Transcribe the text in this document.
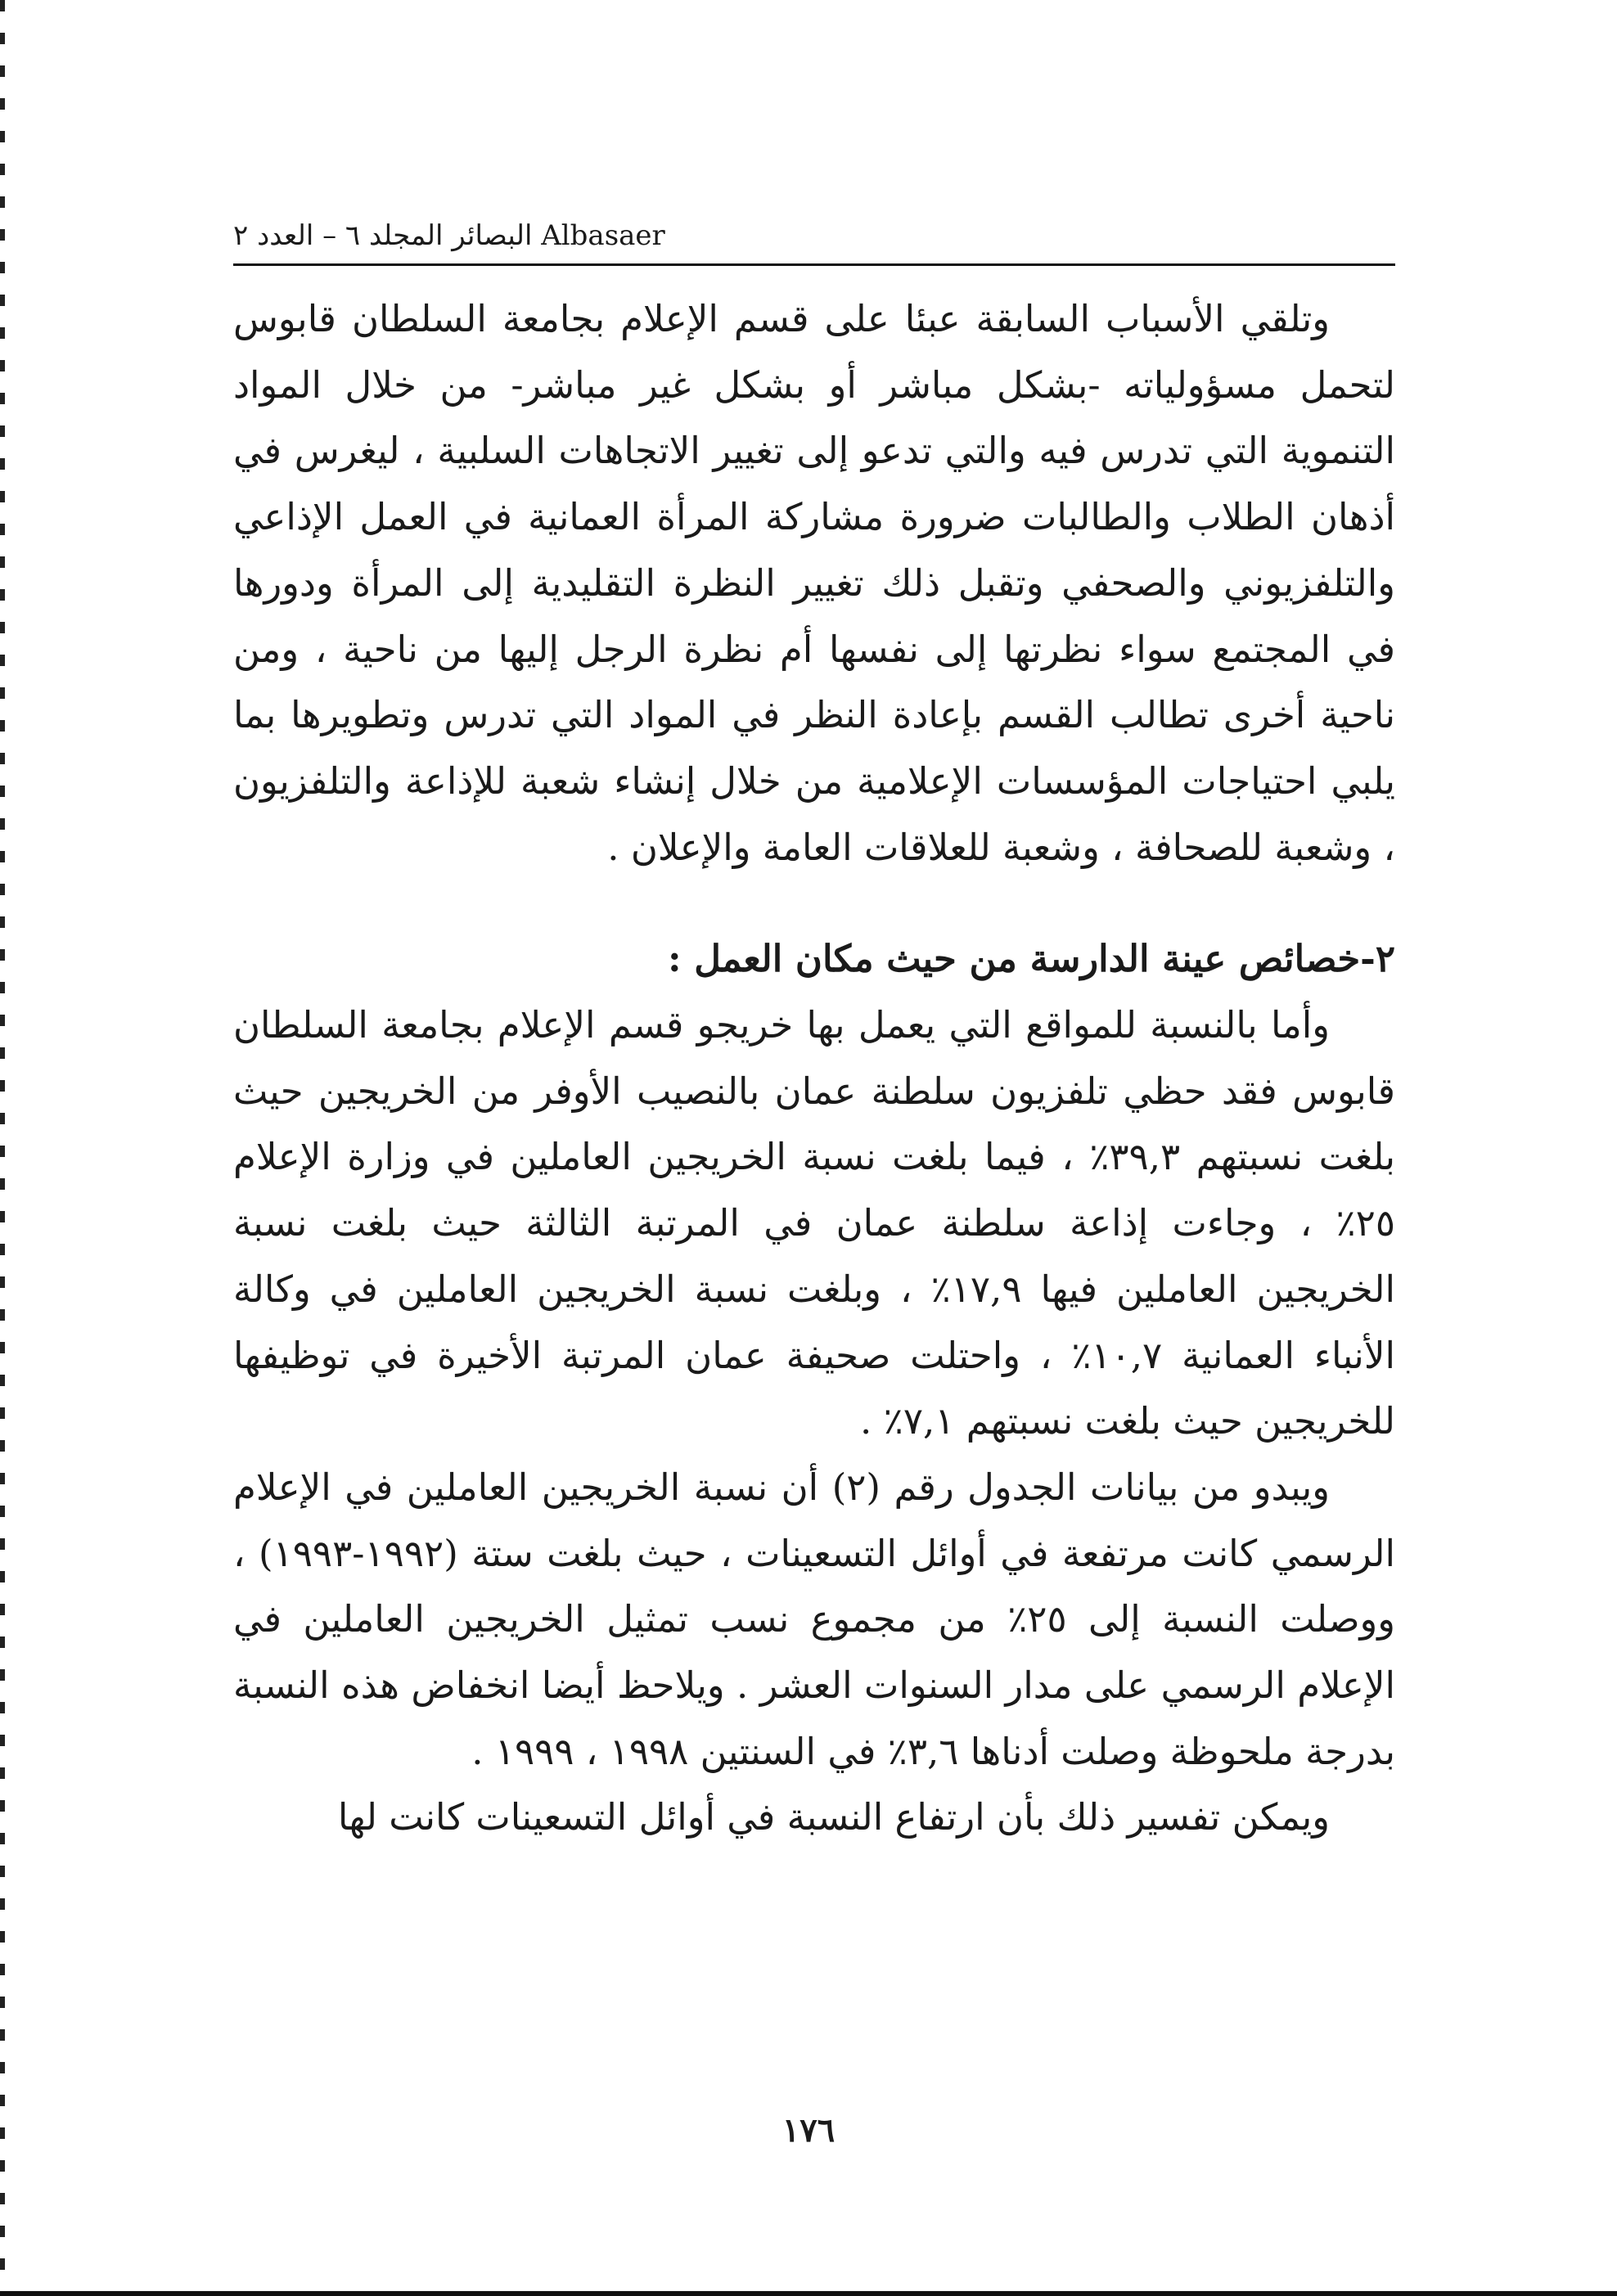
Albasaer البصائر المجلد ٦ – العدد ٢

وتلقي الأسباب السابقة عبئا على قسم الإعلام بجامعة السلطان قابوس لتحمل مسؤولياته -بشكل مباشر أو بشكل غير مباشر- من خلال المواد التنموية التي تدرس فيه والتي تدعو إلى تغيير الاتجاهات السلبية ، ليغرس في أذهان الطلاب والطالبات ضرورة مشاركة المرأة العمانية في العمل الإذاعي والتلفزيوني والصحفي وتقبل ذلك تغيير النظرة التقليدية إلى المرأة ودورها في المجتمع سواء نظرتها إلى نفسها أم نظرة الرجل إليها من ناحية ، ومن ناحية أخرى تطالب القسم بإعادة النظر في المواد التي تدرس وتطويرها بما يلبي احتياجات المؤسسات الإعلامية من خلال إنشاء شعبة للإذاعة والتلفزيون ، وشعبة للصحافة ، وشعبة للعلاقات العامة والإعلان .

٢-خصائص عينة الدارسة من حيث مكان العمل :

وأما بالنسبة للمواقع التي يعمل بها خريجو قسم الإعلام بجامعة السلطان قابوس فقد حظي تلفزيون سلطنة عمان بالنصيب الأوفر من الخريجين حيث بلغت نسبتهم ٣٩,٣٪ ، فيما بلغت نسبة الخريجين العاملين في وزارة الإعلام ٢٥٪ ، وجاءت إذاعة سلطنة عمان في المرتبة الثالثة حيث بلغت نسبة الخريجين العاملين فيها ١٧,٩٪ ، وبلغت نسبة الخريجين العاملين في وكالة الأنباء العمانية ١٠,٧٪ ، واحتلت صحيفة عمان المرتبة الأخيرة في توظيفها للخريجين حيث بلغت نسبتهم ٧,١٪ .

ويبدو من بيانات الجدول رقم (٢) أن نسبة الخريجين العاملين في الإعلام الرسمي كانت مرتفعة في أوائل التسعينات ، حيث بلغت ستة (١٩٩٢-١٩٩٣) ، ووصلت النسبة إلى ٢٥٪ من مجموع نسب تمثيل الخريجين العاملين في الإعلام الرسمي على مدار السنوات العشر . ويلاحظ أيضا انخفاض هذه النسبة بدرجة ملحوظة وصلت أدناها ٣,٦٪ في السنتين ١٩٩٨ ، ١٩٩٩ .

ويمكن تفسير ذلك بأن ارتفاع النسبة في أوائل التسعينات كانت لها

١٧٦
